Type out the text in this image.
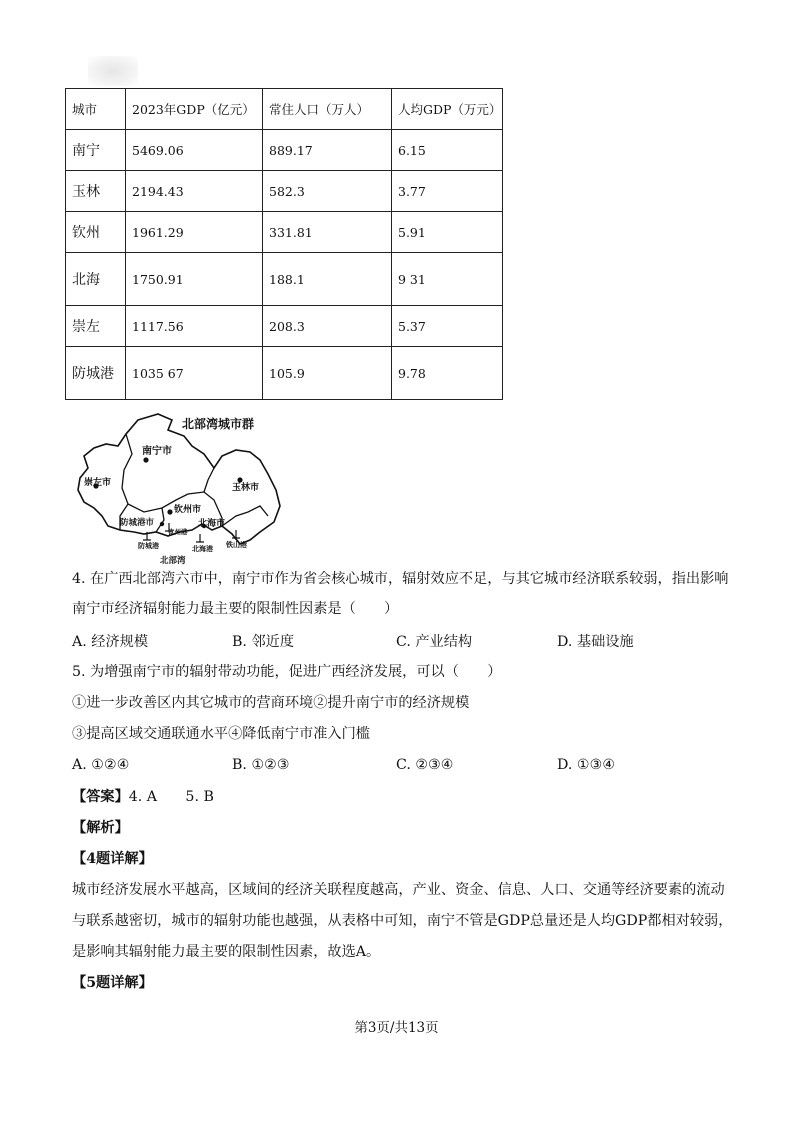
城市	2023年GDP（亿元）	常住人口（万人）	人均GDP（万元）
南宁	5469.06	889.17	6.15
玉林	2194.43	582.3	3.77
钦州	1961.29	331.81	5.91
北海	1750.91	188.1	9 31
崇左	1117.56	208.3	5.37
防城港	1035 67	105.9	9.78
北部湾城市群
南宁市
崇左市	玉林市
钦州市
防城港市	北海市
钦州港
防城港	北海港 铁山港
北部湾
4. 在广西北部湾六市中，南宁市作为省会核心城市，辐射效应不足，与其它城市经济联系较弱，指出影响
南宁市经济辐射能力最主要的限制性因素是（　　）
A. 经济规模	B. 邻近度	C. 产业结构	D. 基础设施
5. 为增强南宁市的辐射带动功能，促进广西经济发展，可以（　　）
①进一步改善区内其它城市的营商环境②提升南宁市的经济规模
③提高区域交通联通水平④降低南宁市准入门槛
A. ①②④	B. ①②③	C. ②③④	D. ①③④
【答案】4. A　　5. B
【解析】
【4题详解】
城市经济发展水平越高，区域间的经济关联程度越高，产业、资金、信息、人口、交通等经济要素的流动
与联系越密切，城市的辐射功能也越强，从表格中可知，南宁不管是GDP总量还是人均GDP都相对较弱，
是影响其辐射能力最主要的限制性因素，故选A。
【5题详解】
第3页/共13页
